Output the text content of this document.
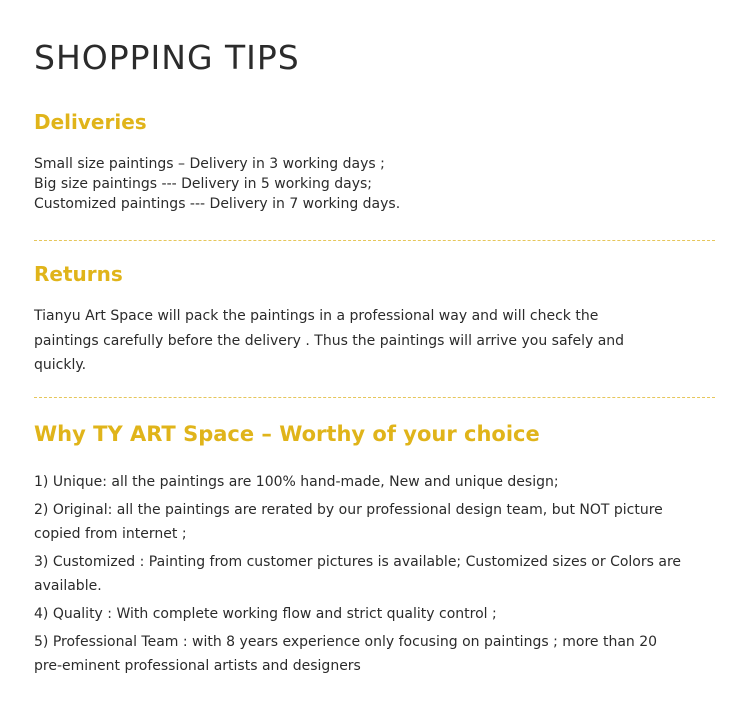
SHOPPING TIPS
Deliveries
Small size paintings – Delivery in 3 working days ;
Big size paintings --- Delivery in 5 working days;
Customized paintings --- Delivery in 7 working days.
Returns
Tianyu Art Space will pack the paintings in a professional way and will check the
paintings carefully before the delivery . Thus the paintings will arrive you safely and
quickly.
Why TY ART Space – Worthy of your choice
1) Unique: all the paintings are 100% hand-made, New and unique design;
2) Original: all the paintings are rerated by our professional design team, but NOT picture
copied from internet ;
3) Customized : Painting from customer pictures is available; Customized sizes or Colors are
available.
4) Quality : With complete working flow and strict quality control ;
5) Professional Team : with 8 years experience only focusing on paintings ; more than 20
pre-eminent professional artists and designers
